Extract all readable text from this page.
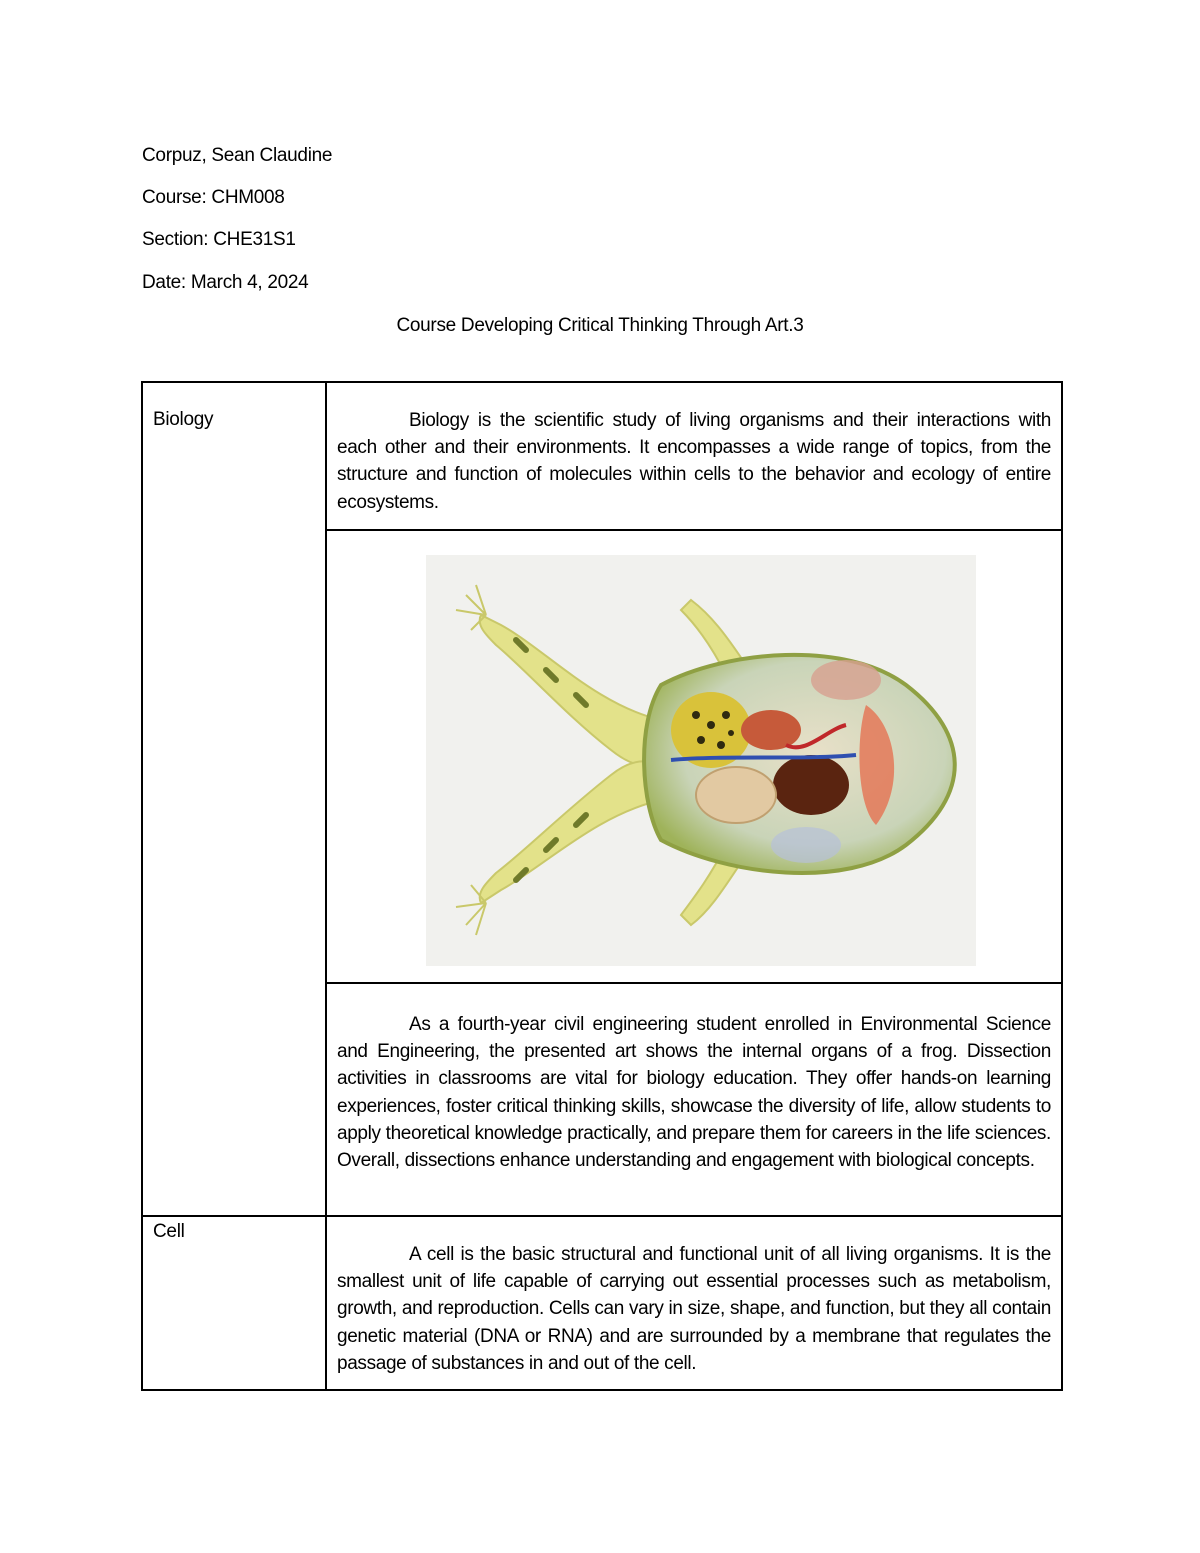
Corpuz, Sean Claudine
Course: CHM008
Section: CHE31S1
Date: March 4, 2024
Course Developing Critical Thinking Through Art.3
Biology	Biology is the scientific study of living organisms and their interactions with each other and their environments. It encompasses a wide range of topics, from the structure and function of molecules within cells to the behavior and ecology of entire ecosystems.

	As a fourth-year civil engineering student enrolled in Environmental Science and Engineering, the presented art shows the internal organs of a frog. Dissection activities in classrooms are vital for biology education. They offer hands-on learning experiences, foster critical thinking skills, showcase the diversity of life, allow students to apply theoretical knowledge practically, and prepare them for careers in the life sciences. Overall, dissections enhance understanding and engagement with biological concepts.

Cell	A cell is the basic structural and functional unit of all living organisms. It is the smallest unit of life capable of carrying out essential processes such as metabolism, growth, and reproduction. Cells can vary in size, shape, and function, but they all contain genetic material (DNA or RNA) and are surrounded by a membrane that regulates the passage of substances in and out of the cell.
